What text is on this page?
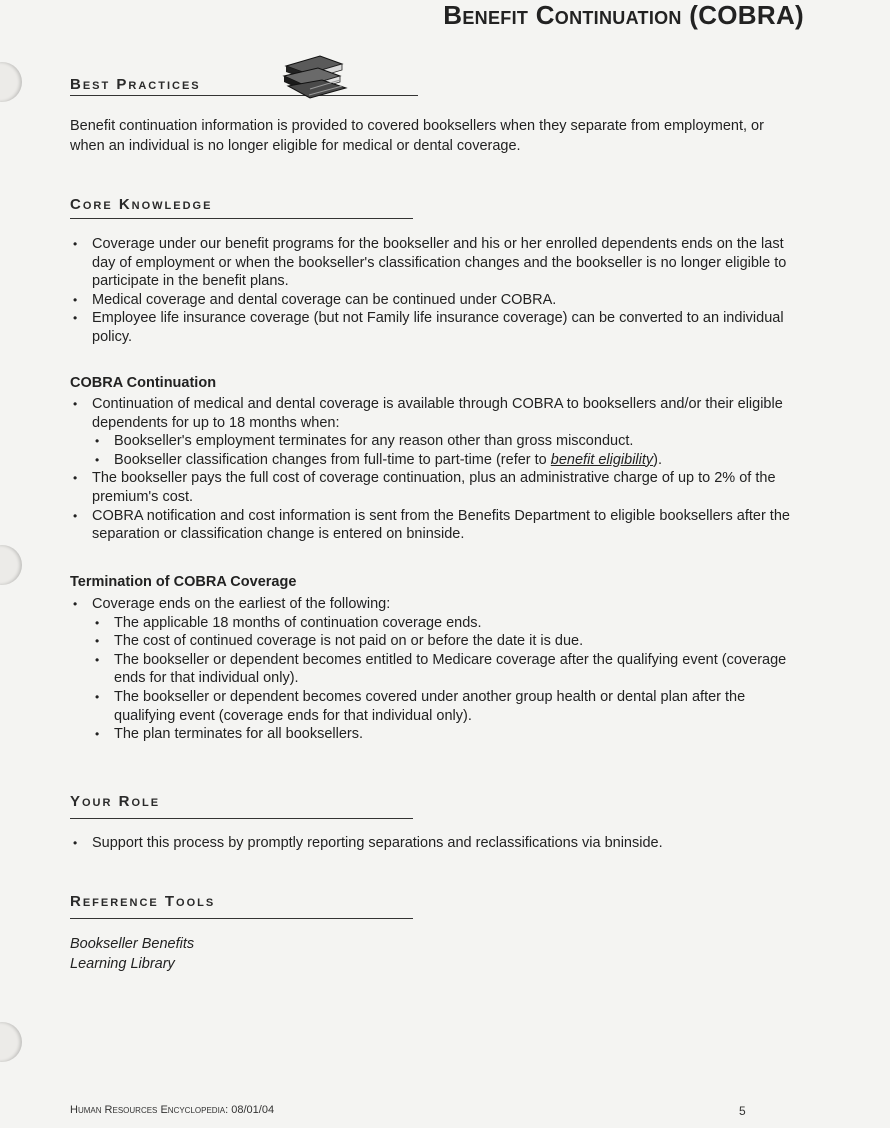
Benefit Continuation (COBRA)
Best Practices
Benefit continuation information is provided to covered booksellers when they separate from employment, or when an individual is no longer eligible for medical or dental coverage.
Core Knowledge
• Coverage under our benefit programs for the bookseller and his or her enrolled dependents ends on the last day of employment or when the bookseller's classification changes and the bookseller is no longer eligible to participate in the benefit plans.
• Medical coverage and dental coverage can be continued under COBRA.
• Employee life insurance coverage (but not Family life insurance coverage) can be converted to an individual policy.
COBRA Continuation
• Continuation of medical and dental coverage is available through COBRA to booksellers and/or their eligible dependents for up to 18 months when:
• Bookseller's employment terminates for any reason other than gross misconduct.
• Bookseller classification changes from full-time to part-time (refer to benefit eligibility).
• The bookseller pays the full cost of coverage continuation, plus an administrative charge of up to 2% of the premium's cost.
• COBRA notification and cost information is sent from the Benefits Department to eligible booksellers after the separation or classification change is entered on bninside.
Termination of COBRA Coverage
• Coverage ends on the earliest of the following:
• The applicable 18 months of continuation coverage ends.
• The cost of continued coverage is not paid on or before the date it is due.
• The bookseller or dependent becomes entitled to Medicare coverage after the qualifying event (coverage ends for that individual only).
• The bookseller or dependent becomes covered under another group health or dental plan after the qualifying event (coverage ends for that individual only).
• The plan terminates for all booksellers.
Your Role
• Support this process by promptly reporting separations and reclassifications via bninside.
Reference Tools
Bookseller Benefits
Learning Library
Human Resources Encyclopedia: 08/01/04	5
